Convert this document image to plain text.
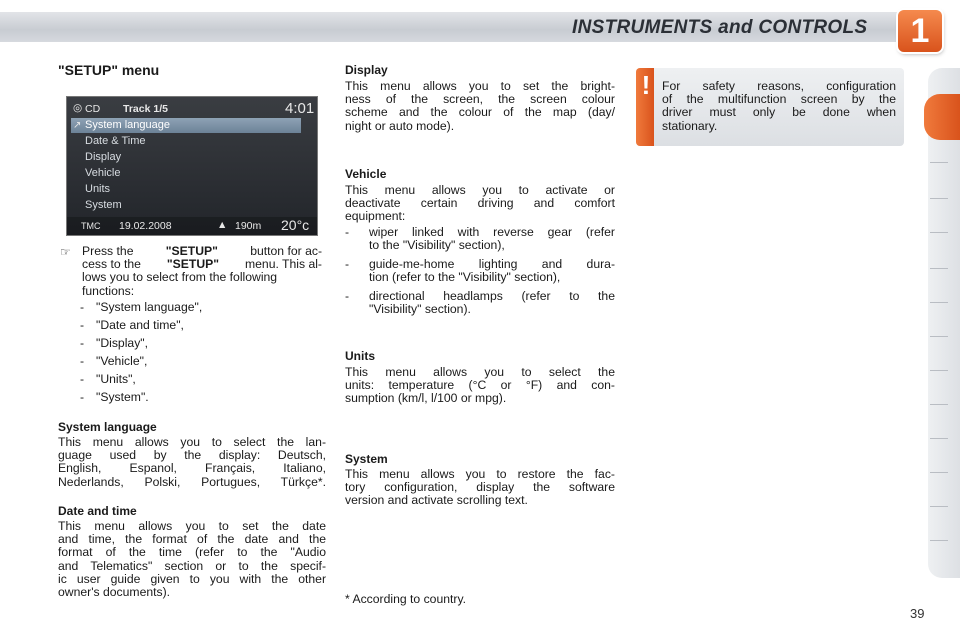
INSTRUMENTS and CONTROLS	1
"SETUP" menu
◎ CD Track 1/5	4:01
↗ System language
Date & Time
Display
Vehicle
Units
System
TMC 19.02.2008	▲ 190m 20°c
☞ Press the	"SETUP"	button for ac-
cess to the "SETUP" menu. This al-
lows you to select from the following
functions:
- "System language",
- "Date and time",
- "Display",
- "Vehicle",
- "Units",
- "System".
System language
This menu allows you to select the lan-
guage used by the display: Deutsch,
English, Espanol, Français, Italiano,
Nederlands, Polski, Portugues, Türkçe*.
Date and time
This menu allows you to set the date
and time, the format of the date and the
format of the time (refer to the "Audio
and Telematics" section or to the specif-
ic user guide given to you with the other
owner's documents).
Display
This menu allows you to set the bright-
ness of the screen, the screen colour
scheme and the colour of the map (day/
night or auto mode).
Vehicle
This menu allows you to activate or
deactivate certain driving and comfort
equipment:
- wiper linked with reverse gear (refer
to the "Visibility" section),
- guide-me-home lighting and dura-
tion (refer to the "Visibility" section),
- directional headlamps (refer to the
"Visibility" section).
Units
This menu allows you to select the
units: temperature (°C or °F) and con-
sumption (km/l, l/100 or mpg).
System
This menu allows you to restore the fac-
tory configuration, display the software
version and activate scrolling text.
* According to country.
! For safety reasons, configuration
of the multifunction screen by the
driver must only be done when
stationary.
39
